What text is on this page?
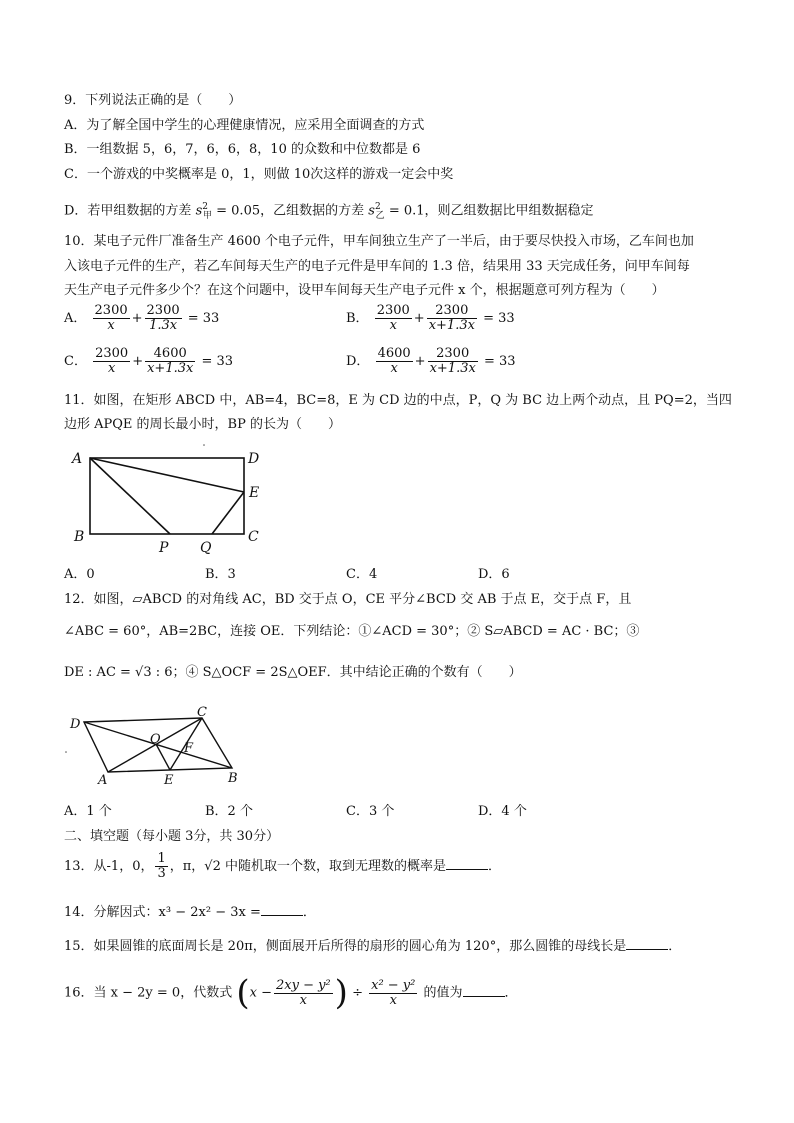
9．下列说法正确的是（　　）
A．为了解全国中学生的心理健康情况，应采用全面调查的方式
B．一组数据 5，6，7，6，6，8，10 的众数和中位数都是 6
C．一个游戏的中奖概率是 0，1，则做 10次这样的游戏一定会中奖
D．若甲组数据的方差 $s^2_甲 = 0.05$，乙组数据的方差 $s^2_乙 = 0.1$，则乙组数据比甲组数据稳定
10．某电子元件厂准备生产 4600 个电子元件，甲车间独立生产了一半后，由于要尽快投入市场，乙车间也加
入该电子元件的生产，若乙车间每天生产的电子元件是甲车间的 1.3 倍，结果用 33 天完成任务，问甲车间每
天生产电子元件多少个？在这个问题中，设甲车间每天生产电子元件 x 个，根据题意可列方程为（　　）
A． $\frac{2300}{x} + \frac{2300}{1.3x} = 33$	B． $\frac{2300}{x} + \frac{2300}{x+1.3x} = 33$
C． $\frac{2300}{x} + \frac{4600}{x+1.3x} = 33$	D． $\frac{4600}{x} + \frac{2300}{x+1.3x} = 33$
11．如图，在矩形 ABCD 中，AB=4，BC=8，E 为 CD 边的中点，P，Q 为 BC 边上两个动点，且 PQ=2，当四
边形 APQE 的周长最小时，BP 的长为（　　）
A	D
E
B	C
P Q
A．0	B．3	C．4	D．6
12．如图，▱ABCD 的对角线 AC，BD 交于点 O，CE 平分∠BCD 交 AB 于点 E，交于点 F，且
∠ABC = 60°，AB=2BC，连接 OE．下列结论：①∠ACD = 30°；② S▱ABCD = AC · BC；③
DE : AC = √3 : 6；④ S△OCF = 2S△OEF．其中结论正确的个数有（　　）
D
C
O
F
A	E	B
A．1 个	B．2 个	C．3 个	D．4 个
二、填空题（每小题 3分，共 30分）
13．从-1，0， $\frac{1}{3}$ ，π，√2 中随机取一个数，取到无理数的概率是	．
14．分解因式：x³ − 2x² − 3x =	．
15．如果圆锥的底面周长是 20π，侧面展开后所得的扇形的圆心角为 120°，那么圆锥的母线长是	．
16．当 x − 2y = 0，代数式 ($x - \frac{\text{2xy − y²}}{x}$ ) ÷ $\frac{\text{x² − y²}}{x}$ 的值为	．
